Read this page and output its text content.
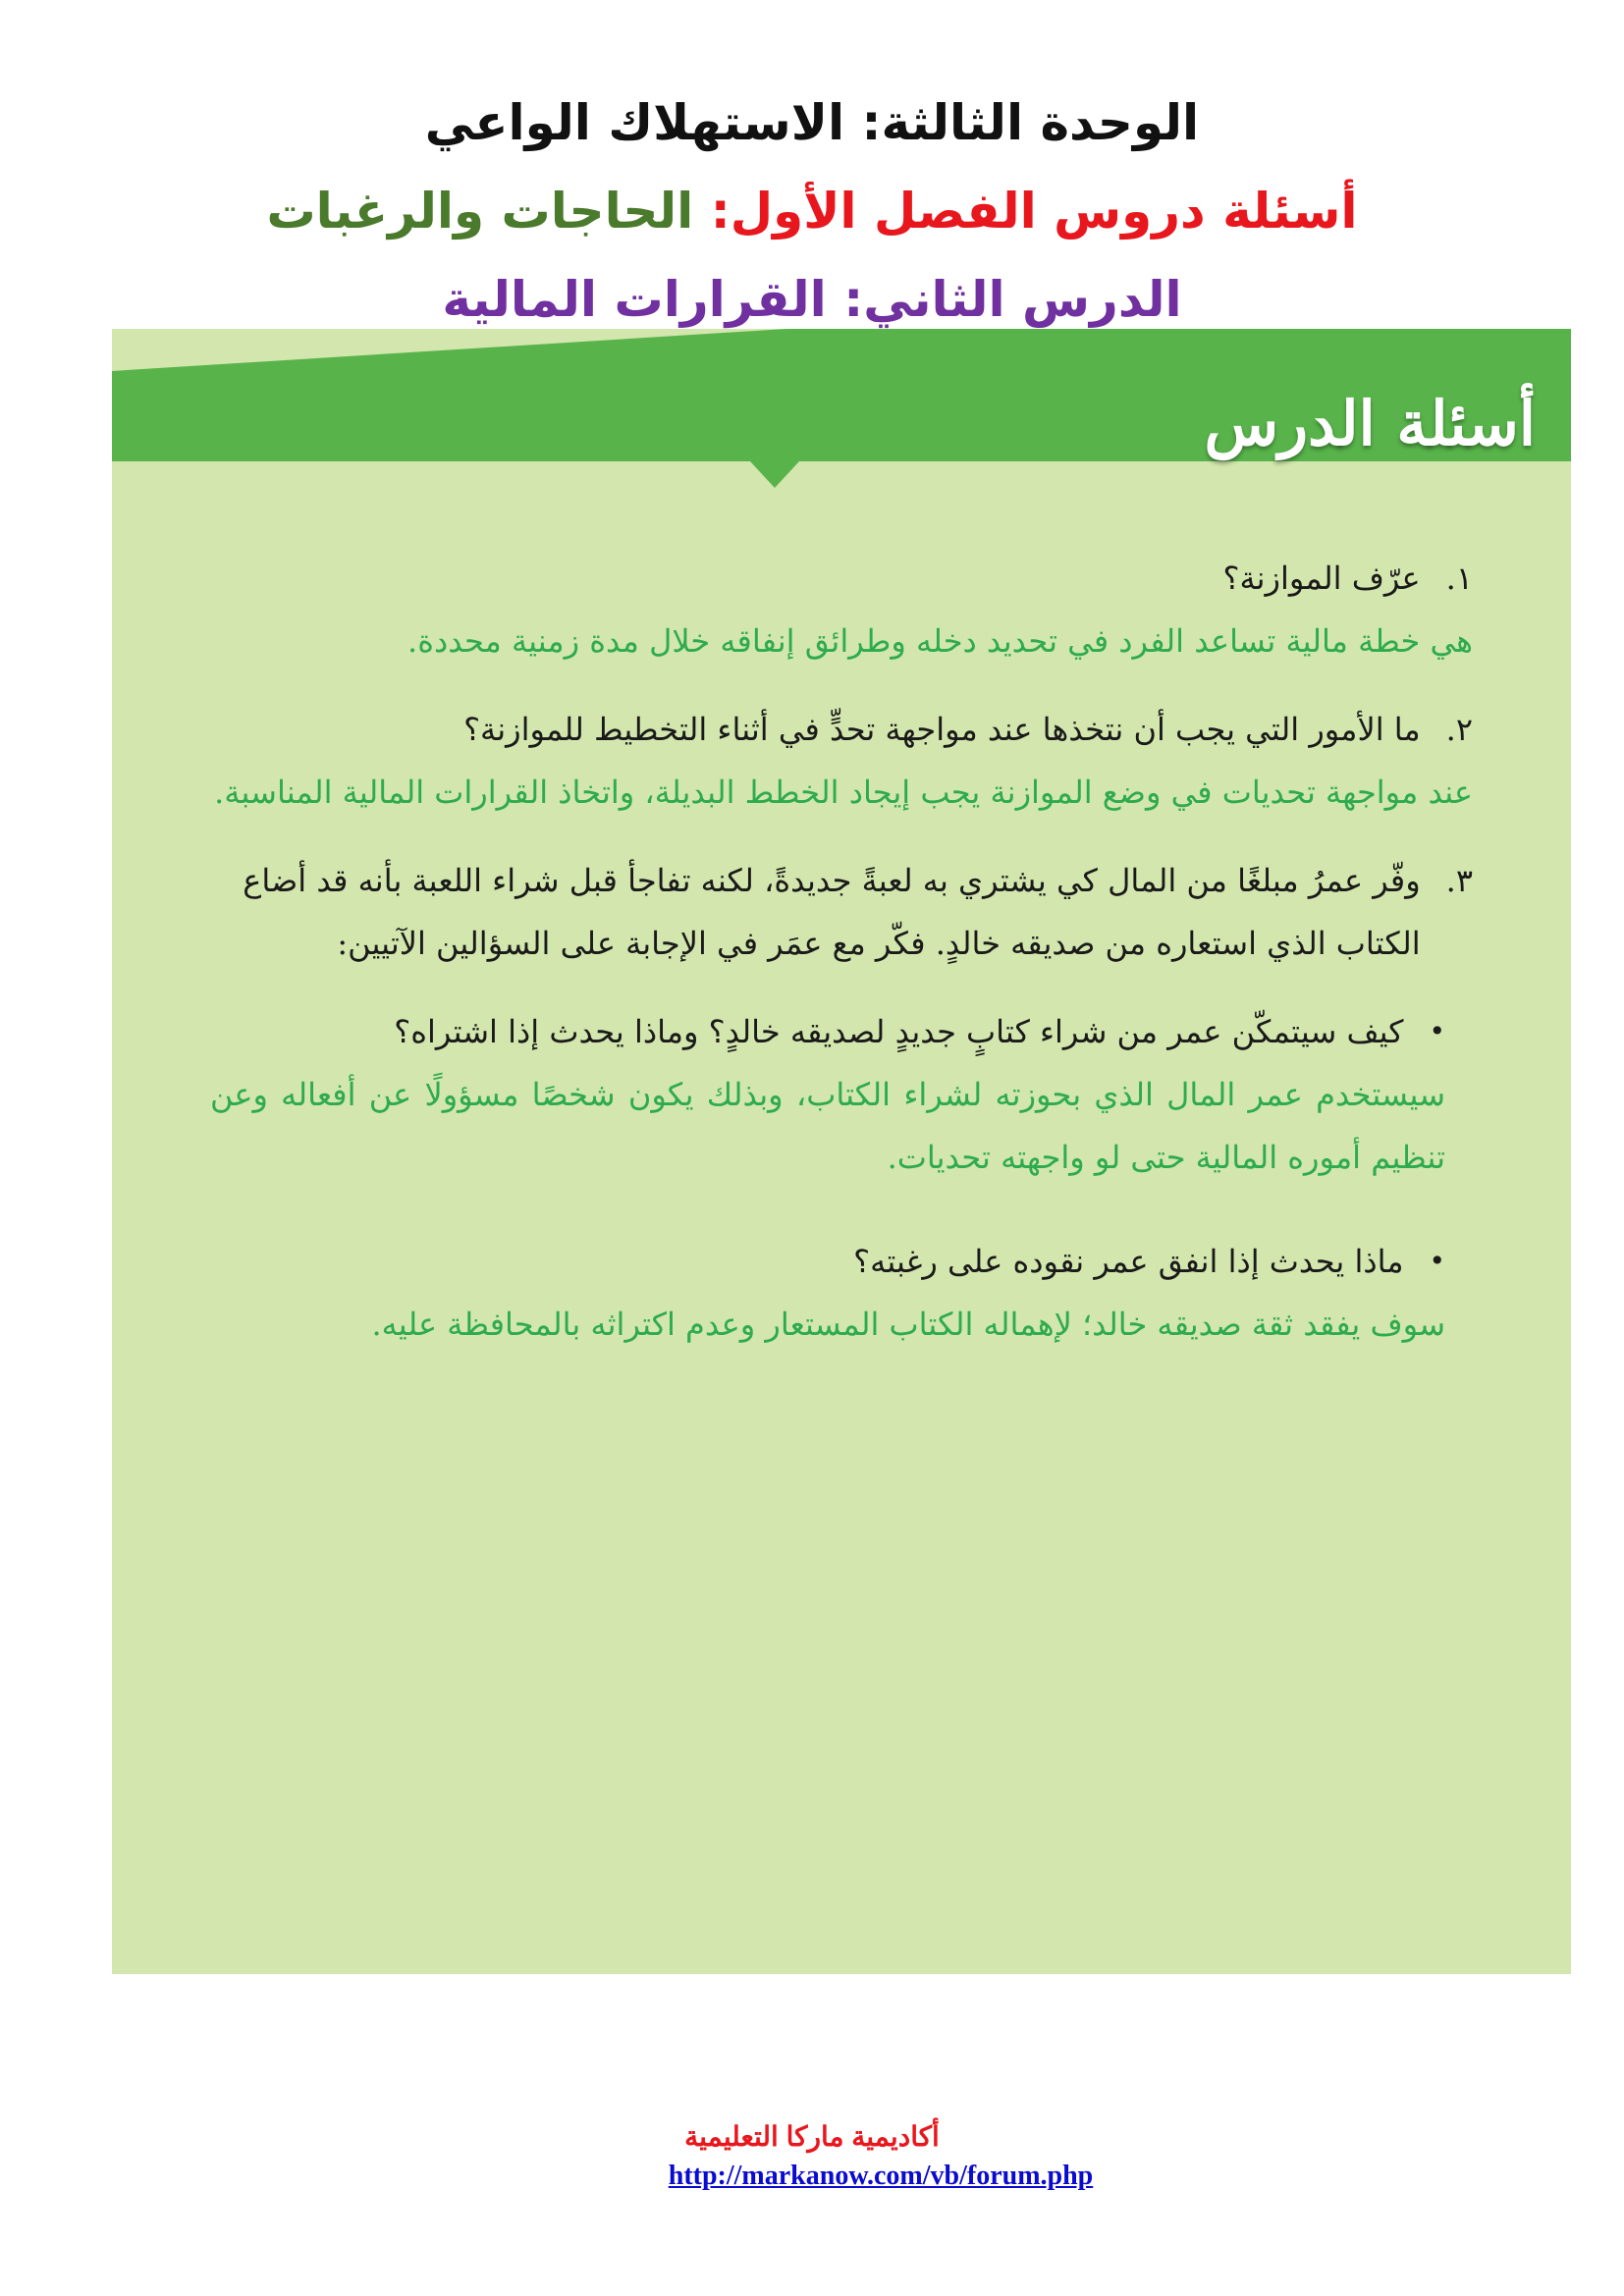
الوحدة الثالثة: الاستهلاك الواعي
أسئلة دروس الفصل الأول: الحاجات والرغبات
الدرس الثاني: القرارات المالية
أسئلة الدرس
١.
عرّف الموازنة؟
هي خطة مالية تساعد الفرد في تحديد دخله وطرائق إنفاقه خلال مدة زمنية محددة.
٢.
ما الأمور التي يجب أن نتخذها عند مواجهة تحدٍّ في أثناء التخطيط للموازنة؟
عند مواجهة تحديات في وضع الموازنة يجب إيجاد الخطط البديلة، واتخاذ القرارات المالية المناسبة.
٣.
وفّر عمرُ مبلغًا من المال كي يشتري به لعبةً جديدةً، لكنه تفاجأ قبل شراء اللعبة بأنه قد أضاع الكتاب الذي استعاره من صديقه خالدٍ. فكّر مع عمَر في الإجابة على السؤالين الآتيين:
•
كيف سيتمكّن عمر من شراء كتابٍ جديدٍ لصديقه خالدٍ؟ وماذا يحدث إذا اشتراه؟
سيستخدم عمر المال الذي بحوزته لشراء الكتاب، وبذلك يكون شخصًا مسؤولًا عن أفعاله وعن تنظيم أموره المالية حتى لو واجهته تحديات.
•
ماذا يحدث إذا انفق عمر نقوده على رغبته؟
سوف يفقد ثقة صديقه خالد؛ لإهماله الكتاب المستعار وعدم اكتراثه بالمحافظة عليه.
أكاديمية ماركا التعليمية
http://markanow.com/vb/forum.php
